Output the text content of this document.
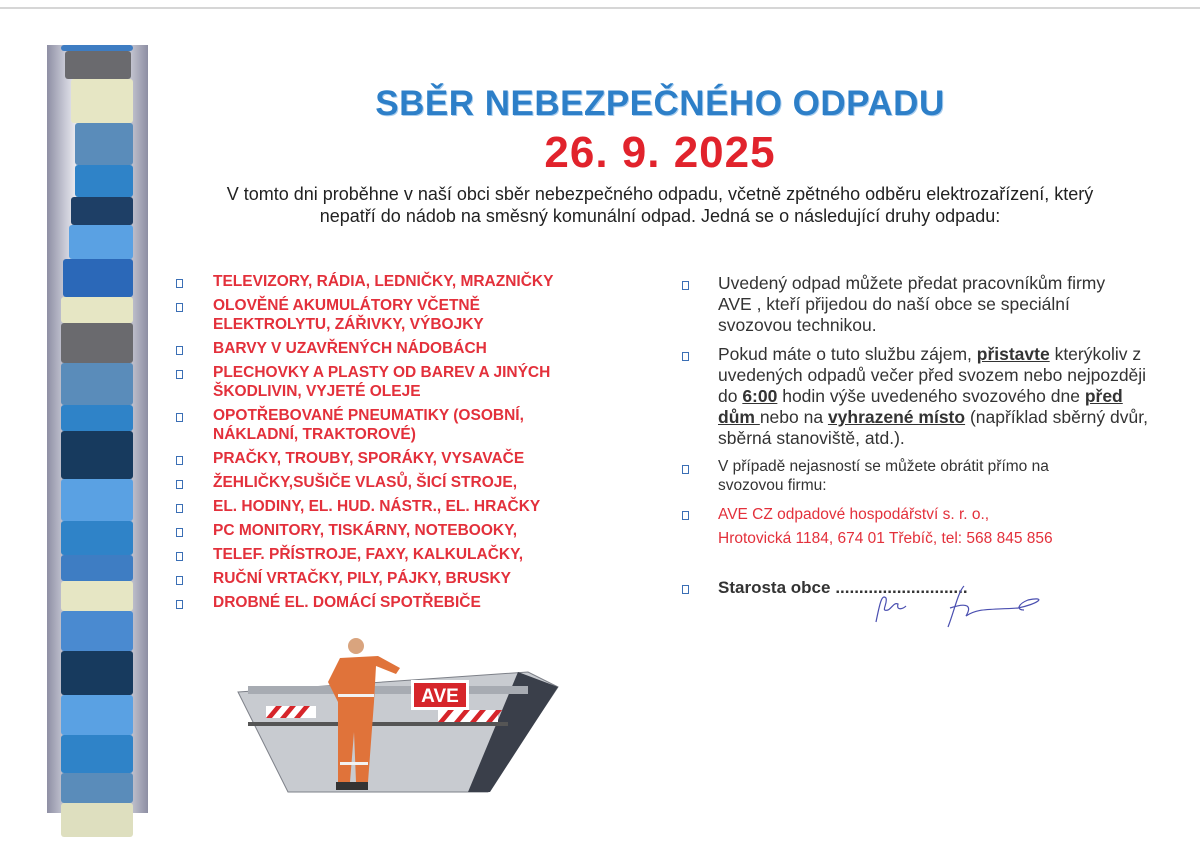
SBĚR NEBEZPEČNÉHO ODPADU
26. 9. 2025
V tomto dni proběhne v naší obci sběr nebezpečného odpadu, včetně zpětného odběru elektrozařízení, který
nepatří do nádob na směsný komunální odpad. Jedná se o následující druhy odpadu:
TELEVIZORY, RÁDIA, LEDNIČKY, MRAZNIČKY
OLOVĚNÉ AKUMULÁTORY VČETNĚ ELEKTROLYTU, ZÁŘIVKY, VÝBOJKY
BARVY V UZAVŘENÝCH NÁDOBÁCH
PLECHOVKY A PLASTY OD BAREV A JINÝCH ŠKODLIVIN, VYJETÉ OLEJE
OPOTŘEBOVANÉ PNEUMATIKY (OSOBNÍ, NÁKLADNÍ, TRAKTOROVÉ)
PRAČKY, TROUBY, SPORÁKY, VYSAVAČE
ŽEHLIČKY,SUŠIČE VLASŮ, ŠICÍ STROJE,
EL. HODINY, EL. HUD. NÁSTR., EL. HRAČKY
PC MONITORY, TISKÁRNY, NOTEBOOKY,
TELEF. PŘÍSTROJE, FAXY, KALKULAČKY,
RUČNÍ VRTAČKY, PILY, PÁJKY, BRUSKY
DROBNÉ EL. DOMÁCÍ SPOTŘEBIČE
Uvedený odpad můžete předat pracovníkům firmy AVE , kteří přijedou do naší obce se speciální svozovou technikou.
Pokud máte o tuto službu zájem, přistavte kterýkoliv z uvedených odpadů večer před svozem nebo nejpozději do 6:00 hodin výše uvedeného svozového dne před dům nebo na vyhrazené místo (například sběrný dvůr, sběrná stanoviště, atd.).
V případě nejasností se můžete obrátit přímo na svozovou firmu:
AVE CZ odpadové hospodářství s. r. o.,
Hrotovická 1184, 674 01 Třebíč, tel: 568 845 856
Starosta obce ............................
AVE
